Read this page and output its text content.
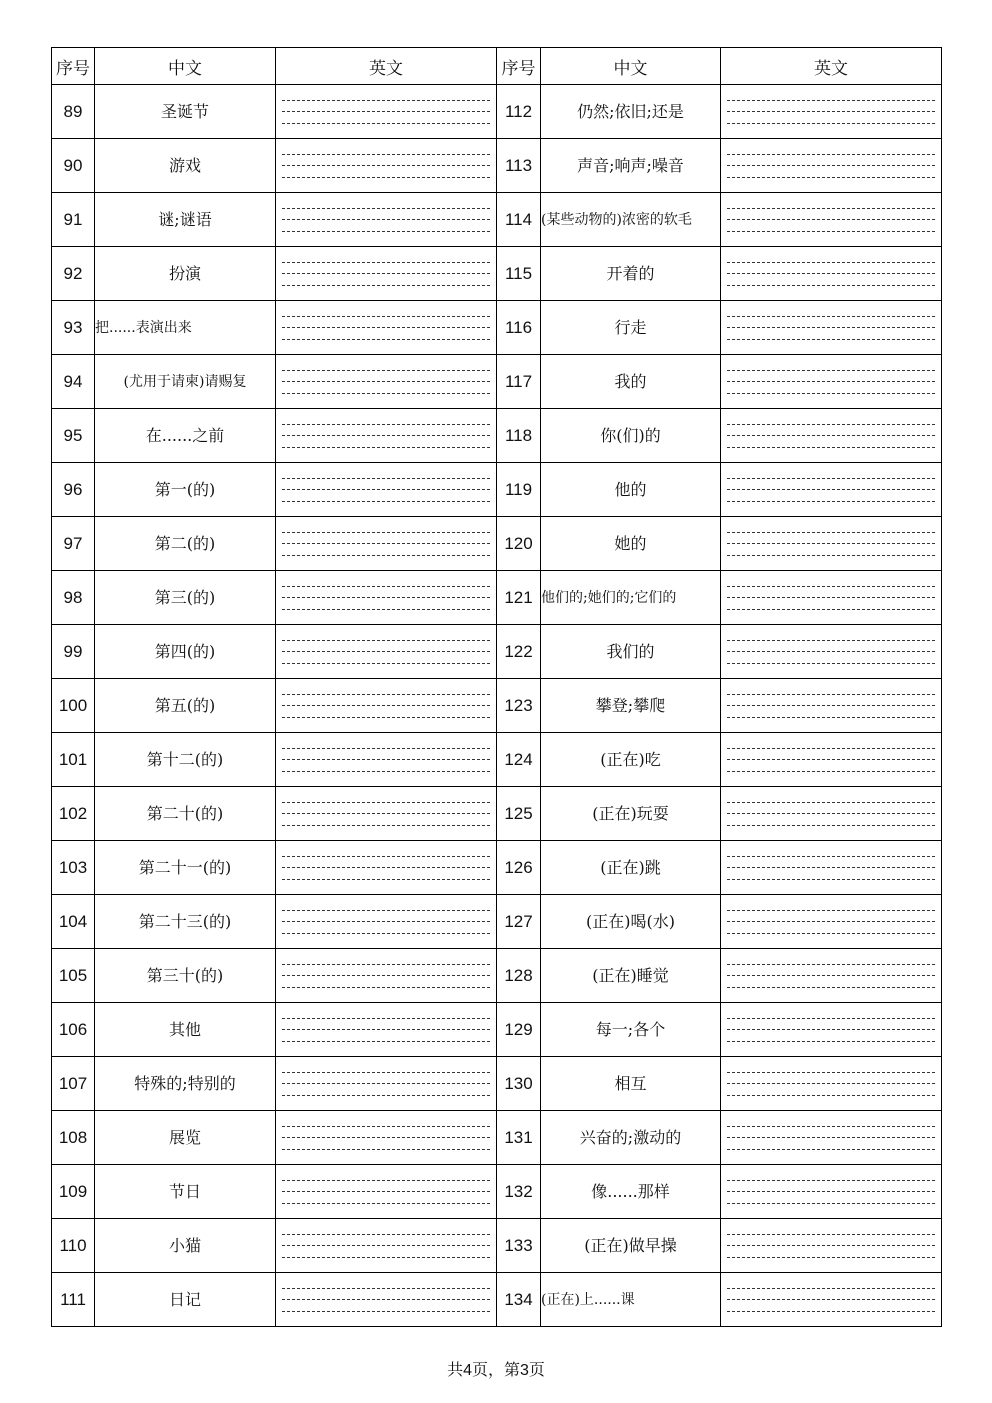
序号	中文	英文	序号	中文	英文
89	圣诞节		112	仍然;依旧;还是	

90	游戏		113	声音;响声;噪音	

91	谜;谜语		114	(某些动物的)浓密的软毛	

92	扮演		115	开着的	

93	把......表演出来		116	行走	

94	(尤用于请柬)请赐复		117	我的	

95	在......之前		118	你(们)的	

96	第一(的)		119	他的	

97	第二(的)		120	她的	

98	第三(的)		121	他们的;她们的;它们的	

99	第四(的)		122	我们的	

100	第五(的)		123	攀登;攀爬	

101	第十二(的)		124	(正在)吃	

102	第二十(的)		125	(正在)玩耍	

103	第二十一(的)		126	(正在)跳	

104	第二十三(的)		127	(正在)喝(水)	

105	第三十(的)		128	(正在)睡觉	

106	其他		129	每一;各个	

107	特殊的;特别的		130	相互	

108	展览		131	兴奋的;激动的	

109	节日		132	像......那样	

110	小猫		133	(正在)做早操	

111	日记		134	(正在)上......课	
共4页，第3页
